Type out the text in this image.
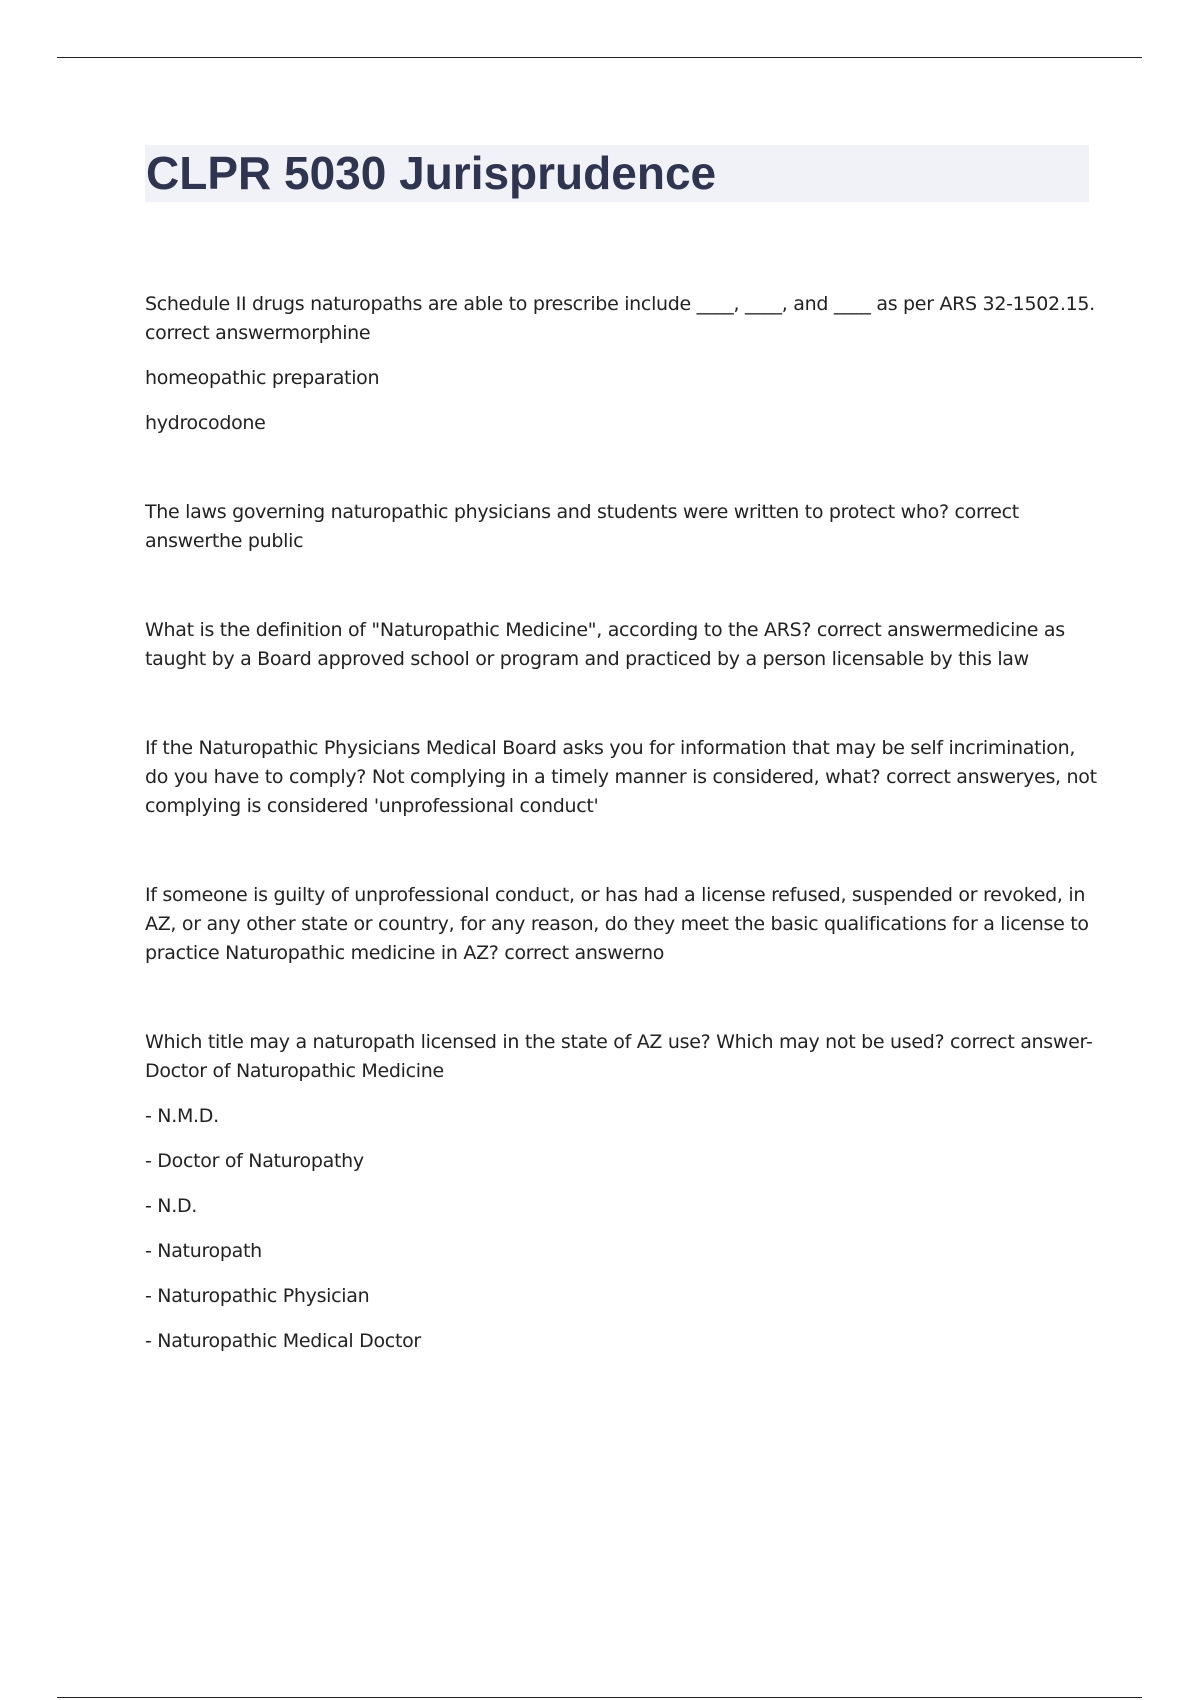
CLPR 5030 Jurisprudence

Schedule II drugs naturopaths are able to prescribe include ____, ____, and ____ as per ARS 32-1502.15. correct answermorphine

homeopathic preparation

hydrocodone

The laws governing naturopathic physicians and students were written to protect who? correct answerthe public

What is the definition of "Naturopathic Medicine", according to the ARS? correct answermedicine as taught by a Board approved school or program and practiced by a person licensable by this law

If the Naturopathic Physicians Medical Board asks you for information that may be self incrimination, do you have to comply? Not complying in a timely manner is considered, what? correct answeryes, not complying is considered 'unprofessional conduct'

If someone is guilty of unprofessional conduct, or has had a license refused, suspended or revoked, in AZ, or any other state or country, for any reason, do they meet the basic qualifications for a license to practice Naturopathic medicine in AZ? correct answerno

Which title may a naturopath licensed in the state of AZ use? Which may not be used? correct answer-Doctor of Naturopathic Medicine

- N.M.D.

- Doctor of Naturopathy

- N.D.

- Naturopath

- Naturopathic Physician

- Naturopathic Medical Doctor
